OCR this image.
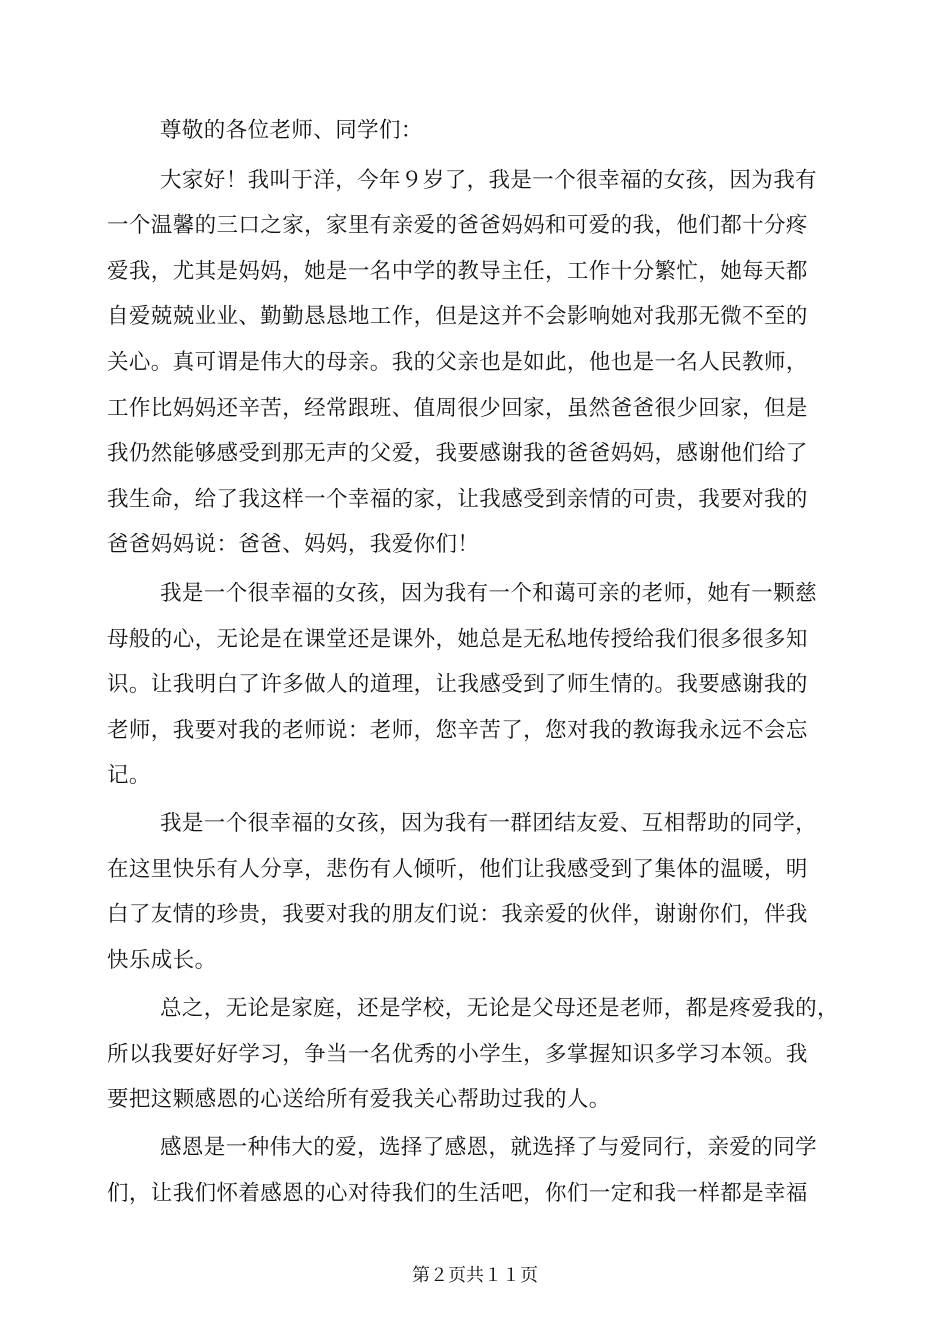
尊敬的各位老师、同学们：
大家好！我叫于洋，今年９岁了，我是一个很幸福的女孩，因为我有
一个温馨的三口之家，家里有亲爱的爸爸妈妈和可爱的我，他们都十分疼
爱我，尤其是妈妈，她是一名中学的教导主任，工作十分繁忙，她每天都
自爱兢兢业业、勤勤恳恳地工作，但是这并不会影响她对我那无微不至的
关心。真可谓是伟大的母亲。我的父亲也是如此，他也是一名人民教师，
工作比妈妈还辛苦，经常跟班、值周很少回家，虽然爸爸很少回家，但是
我仍然能够感受到那无声的父爱，我要感谢我的爸爸妈妈，感谢他们给了
我生命，给了我这样一个幸福的家，让我感受到亲情的可贵，我要对我的
爸爸妈妈说：爸爸、妈妈，我爱你们！
我是一个很幸福的女孩，因为我有一个和蔼可亲的老师，她有一颗慈
母般的心，无论是在课堂还是课外，她总是无私地传授给我们很多很多知
识。让我明白了许多做人的道理，让我感受到了师生情的。我要感谢我的
老师，我要对我的老师说：老师，您辛苦了，您对我的教诲我永远不会忘
记。
我是一个很幸福的女孩，因为我有一群团结友爱、互相帮助的同学，
在这里快乐有人分享，悲伤有人倾听，他们让我感受到了集体的温暖，明
白了友情的珍贵，我要对我的朋友们说：我亲爱的伙伴，谢谢你们，伴我
快乐成长。
总之，无论是家庭，还是学校，无论是父母还是老师，都是疼爱我的，
所以我要好好学习，争当一名优秀的小学生，多掌握知识多学习本领。我
要把这颗感恩的心送给所有爱我关心帮助过我的人。
感恩是一种伟大的爱，选择了感恩，就选择了与爱同行，亲爱的同学
们，让我们怀着感恩的心对待我们的生活吧，你们一定和我一样都是幸福
第２页共１１页
